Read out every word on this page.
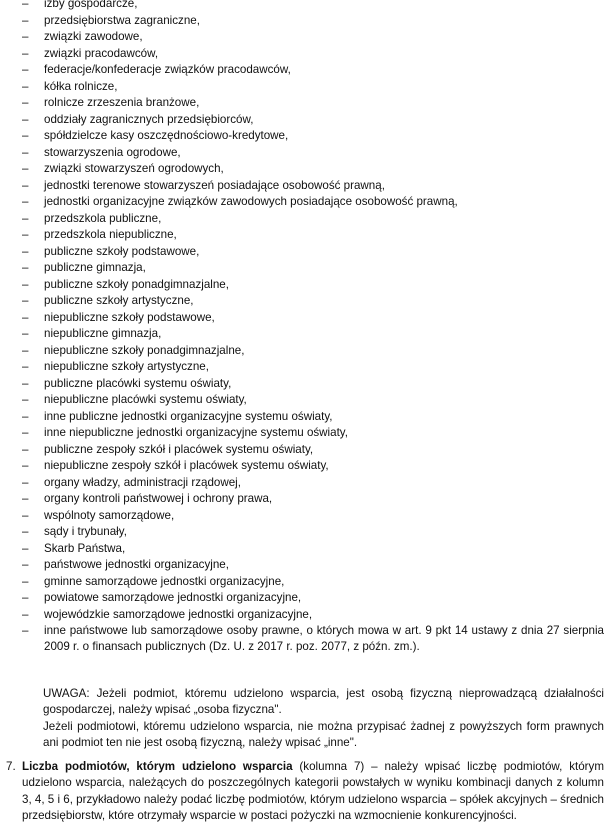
– izby gospodarcze,
– przedsiębiorstwa zagraniczne,
– związki zawodowe,
– związki pracodawców,
– federacje/konfederacje związków pracodawców,
– kółka rolnicze,
– rolnicze zrzeszenia branżowe,
– oddziały zagranicznych przedsiębiorców,
– spółdzielcze kasy oszczędnościowo-kredytowe,
– stowarzyszenia ogrodowe,
– związki stowarzyszeń ogrodowych,
– jednostki terenowe stowarzyszeń posiadające osobowość prawną,
– jednostki organizacyjne związków zawodowych posiadające osobowość prawną,
– przedszkola publiczne,
– przedszkola niepubliczne,
– publiczne szkoły podstawowe,
– publiczne gimnazja,
– publiczne szkoły ponadgimnazjalne,
– publiczne szkoły artystyczne,
– niepubliczne szkoły podstawowe,
– niepubliczne gimnazja,
– niepubliczne szkoły ponadgimnazjalne,
– niepubliczne szkoły artystyczne,
– publiczne placówki systemu oświaty,
– niepubliczne placówki systemu oświaty,
– inne publiczne jednostki organizacyjne systemu oświaty,
– inne niepubliczne jednostki organizacyjne systemu oświaty,
– publiczne zespoły szkół i placówek systemu oświaty,
– niepubliczne zespoły szkół i placówek systemu oświaty,
– organy władzy, administracji rządowej,
– organy kontroli państwowej i ochrony prawa,
– wspólnoty samorządowe,
– sądy i trybunały,
– Skarb Państwa,
– państwowe jednostki organizacyjne,
– gminne samorządowe jednostki organizacyjne,
– powiatowe samorządowe jednostki organizacyjne,
– wojewódzkie samorządowe jednostki organizacyjne,
– inne państwowe lub samorządowe osoby prawne, o których mowa w art. 9 pkt 14 ustawy z dnia 27 sierpnia 2009 r. o finansach publicznych (Dz. U. z 2017 r. poz. 2077, z późn. zm.).
UWAGA: Jeżeli podmiot, któremu udzielono wsparcia, jest osobą fizyczną nieprowadzącą działalności gospodarczej, należy wpisać „osoba fizyczna".
Jeżeli podmiotowi, któremu udzielono wsparcia, nie można przypisać żadnej z powyższych form prawnych ani podmiot ten nie jest osobą fizyczną, należy wpisać „inne".
7. Liczba podmiotów, którym udzielono wsparcia (kolumna 7) – należy wpisać liczbę podmiotów, którym udzielono wsparcia, należących do poszczególnych kategorii powstałych w wyniku kombinacji danych z kolumn 3, 4, 5 i 6, przykładowo należy podać liczbę podmiotów, którym udzielono wsparcia – spółek akcyjnych – średnich przedsiębiorstw, które otrzymały wsparcie w postaci pożyczki na wzmocnienie konkurencyjności.
